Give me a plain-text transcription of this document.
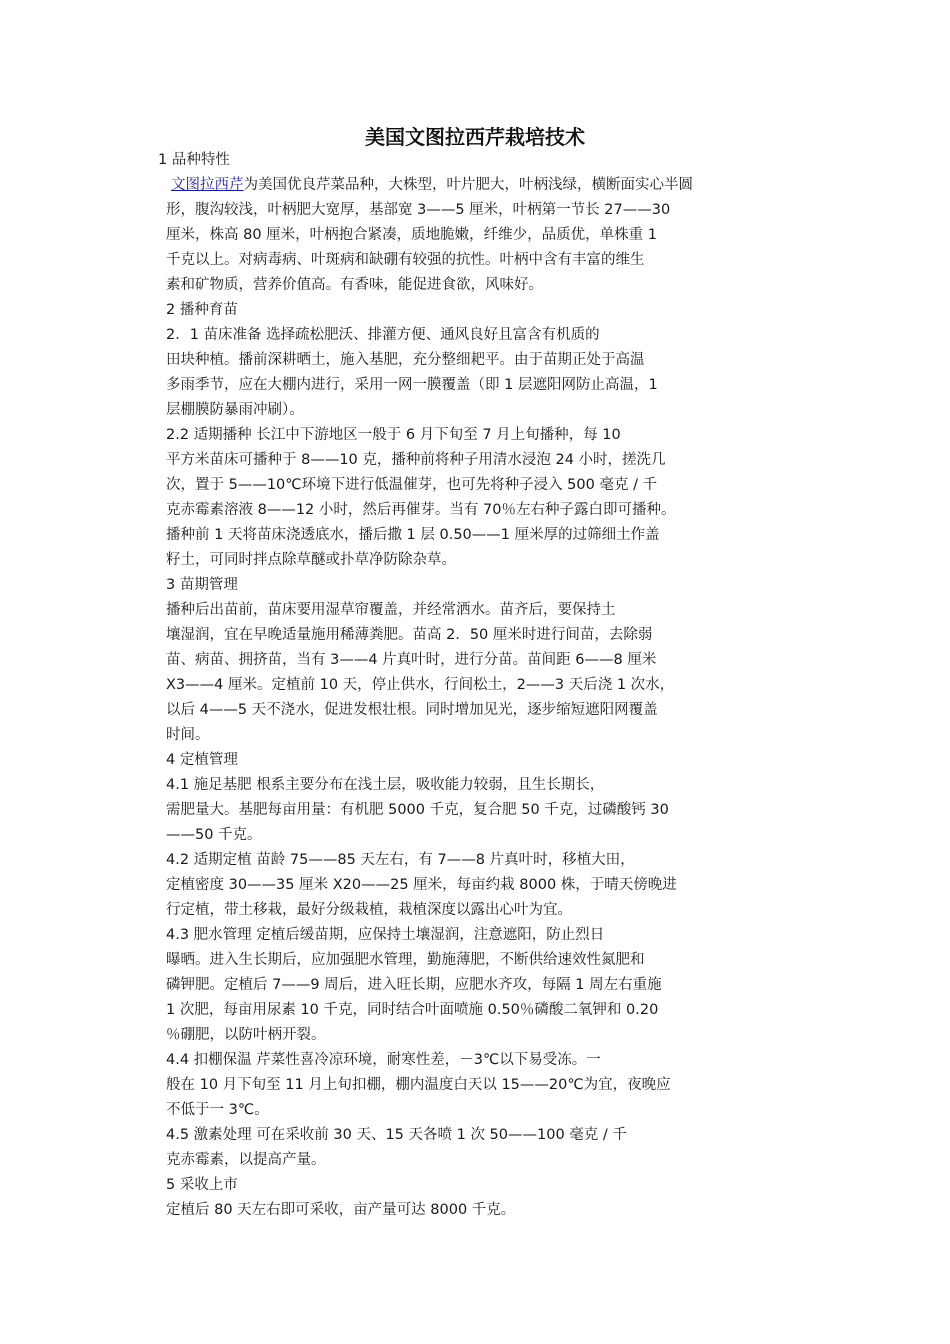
美国文图拉西芹栽培技术
1 品种特性
文图拉西芹为美国优良芹菜品种，大株型，叶片肥大，叶柄浅绿，横断面实心半圆
形，腹沟较浅，叶柄肥大宽厚，基部宽 3——5 厘米，叶柄第一节长 27——30
厘米，株高 80 厘米，叶柄抱合紧凑，质地脆嫩，纤维少，品质优，单株重 1
千克以上。对病毒病、叶斑病和缺硼有较强的抗性。叶柄中含有丰富的维生
素和矿物质，营养价值高。有香味，能促进食欲，风味好。
2 播种育苗
2．1 苗床准备 选择疏松肥沃、排灌方便、通风良好且富含有机质的
田块种植。播前深耕晒土，施入基肥，充分整细耙平。由于苗期正处于高温
多雨季节，应在大棚内进行，采用一网一膜覆盖（即 1 层遮阳网防止高温，1
层棚膜防暴雨冲刷）。
2.2 适期播种 长江中下游地区一般于 6 月下旬至 7 月上旬播种，每 10
平方米苗床可播种于 8——10 克，播种前将种子用清水浸泡 24 小时，搓洗几
次，置于 5——10℃环境下进行低温催芽，也可先将种子浸入 500 毫克 / 千
克赤霉素溶液 8——12 小时，然后再催芽。当有 70％左右种子露白即可播种。
播种前 1 天将苗床浇透底水，播后撒 1 层 0.50——1 厘米厚的过筛细土作盖
籽土，可同时拌点除草醚或扑草净防除杂草。
3 苗期管理
播种后出苗前，苗床要用湿草帘覆盖，并经常洒水。苗齐后，要保持土
壤湿润，宜在早晚适量施用稀薄粪肥。苗高 2．50 厘米时进行间苗，去除弱
苗、病苗、拥挤苗，当有 3——4 片真叶时，进行分苗。苗间距 6——8 厘米
X3——4 厘米。定植前 10 天，停止供水，行间松土，2——3 天后浇 1 次水，
以后 4——5 天不浇水，促进发根壮根。同时增加见光，逐步缩短遮阳网覆盖
时间。
4 定植管理
4.1 施足基肥 根系主要分布在浅土层，吸收能力较弱，且生长期长，
需肥量大。基肥每亩用量：有机肥 5000 千克，复合肥 50 千克，过磷酸钙 30
——50 千克。
4.2 适期定植 苗龄 75——85 天左右，有 7——8 片真叶时，移植大田，
定植密度 30——35 厘米 X20——25 厘米，每亩约栽 8000 株，于晴天傍晚进
行定植，带土移栽，最好分级栽植，栽植深度以露出心叶为宜。
4.3 肥水管理 定植后缓苗期，应保持土壤湿润，注意遮阳，防止烈日
曝晒。进入生长期后，应加强肥水管理，勤施薄肥，不断供给速效性氮肥和
磷钾肥。定植后 7——9 周后，进入旺长期，应肥水齐攻，每隔 1 周左右重施
1 次肥，每亩用尿素 10 千克，同时结合叶面喷施 0.50％磷酸二氧钾和 0.20
％硼肥，以防叶柄开裂。
4.4 扣棚保温 芹菜性喜冷凉环境，耐寒性差，－3℃以下易受冻。一
般在 10 月下旬至 11 月上旬扣棚，棚内温度白天以 15——20℃为宜，夜晚应
不低于一 3℃。
4.5 激素处理 可在采收前 30 天、15 天各喷 1 次 50——100 毫克 / 千
克赤霉素，以提高产量。
5 采收上市
定植后 80 天左右即可采收，亩产量可达 8000 千克。
